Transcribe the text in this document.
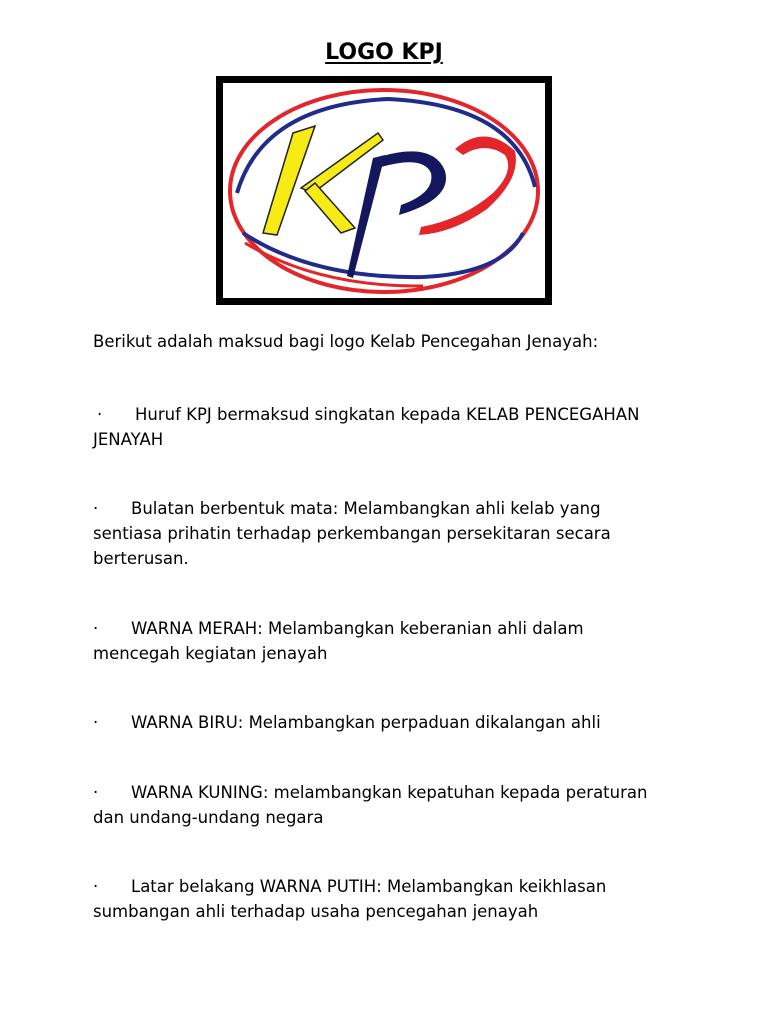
LOGO KPJ
Berikut adalah maksud bagi logo Kelab Pencegahan Jenayah:
· Huruf KPJ bermaksud singkatan kepada KELAB PENCEGAHAN JENAYAH
· Bulatan berbentuk mata: Melambangkan ahli kelab yang sentiasa prihatin terhadap perkembangan persekitaran secara berterusan.
· WARNA MERAH: Melambangkan keberanian ahli dalam mencegah kegiatan jenayah
· WARNA BIRU: Melambangkan perpaduan dikalangan ahli
· WARNA KUNING: melambangkan kepatuhan kepada peraturan dan undang-undang negara
· Latar belakang WARNA PUTIH: Melambangkan keikhlasan sumbangan ahli terhadap usaha pencegahan jenayah
